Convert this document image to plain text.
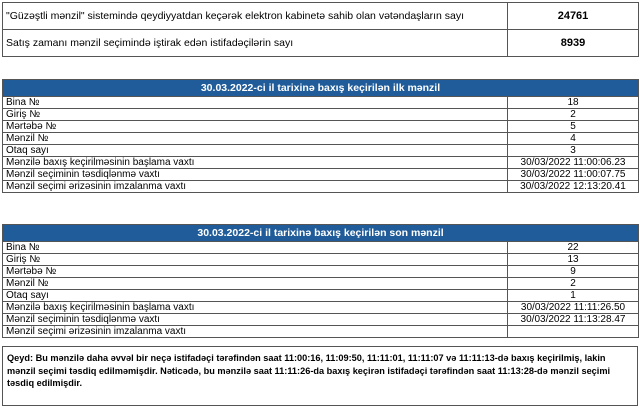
"Güzəştli mənzil" sistemində qeydiyyatdan keçərək elektron kabinetə sahib olan vətəndaşların sayı	24761
Satış zamanı mənzil seçimində iştirak edən istifadəçilərin sayı	8939
30.03.2022-ci il tarixinə baxış keçirilən ilk mənzil	
Bina №	18
Giriş №	2
Mərtəbə №	5
Mənzil №	4
Otaq sayı	3
Mənzilə baxış keçirilməsinin başlama vaxtı	30/03/2022 11:00:06.23
Mənzil seçiminin təsdiqlənmə vaxtı	30/03/2022 11:00:07.75
Mənzil seçimi ərizəsinin imzalanma vaxtı	30/03/2022 12:13:20.41
30.03.2022-ci il tarixinə baxış keçirilən son mənzil	
Bina №	22
Giriş №	13
Mərtəbə №	9
Mənzil №	2
Otaq sayı	1
Mənzilə baxış keçirilməsinin başlama vaxtı	30/03/2022 11:11:26.50
Mənzil seçiminin təsdiqlənmə vaxtı	30/03/2022 11:13:28.47
Mənzil seçimi ərizəsinin imzalanma vaxtı	
Qeyd: Bu mənzilə daha əvvəl bir neçə istifadəçi tərəfindən saat 11:00:16, 11:09:50, 11:11:01, 11:11:07 və 11:11:13-də baxış keçirilmiş, lakin mənzil seçimi təsdiq edilməmişdir. Nəticədə, bu mənzilə saat 11:11:26-da baxış keçirən istifadəçi tərəfindən saat 11:13:28-də mənzil seçimi təsdiq edilmişdir.
